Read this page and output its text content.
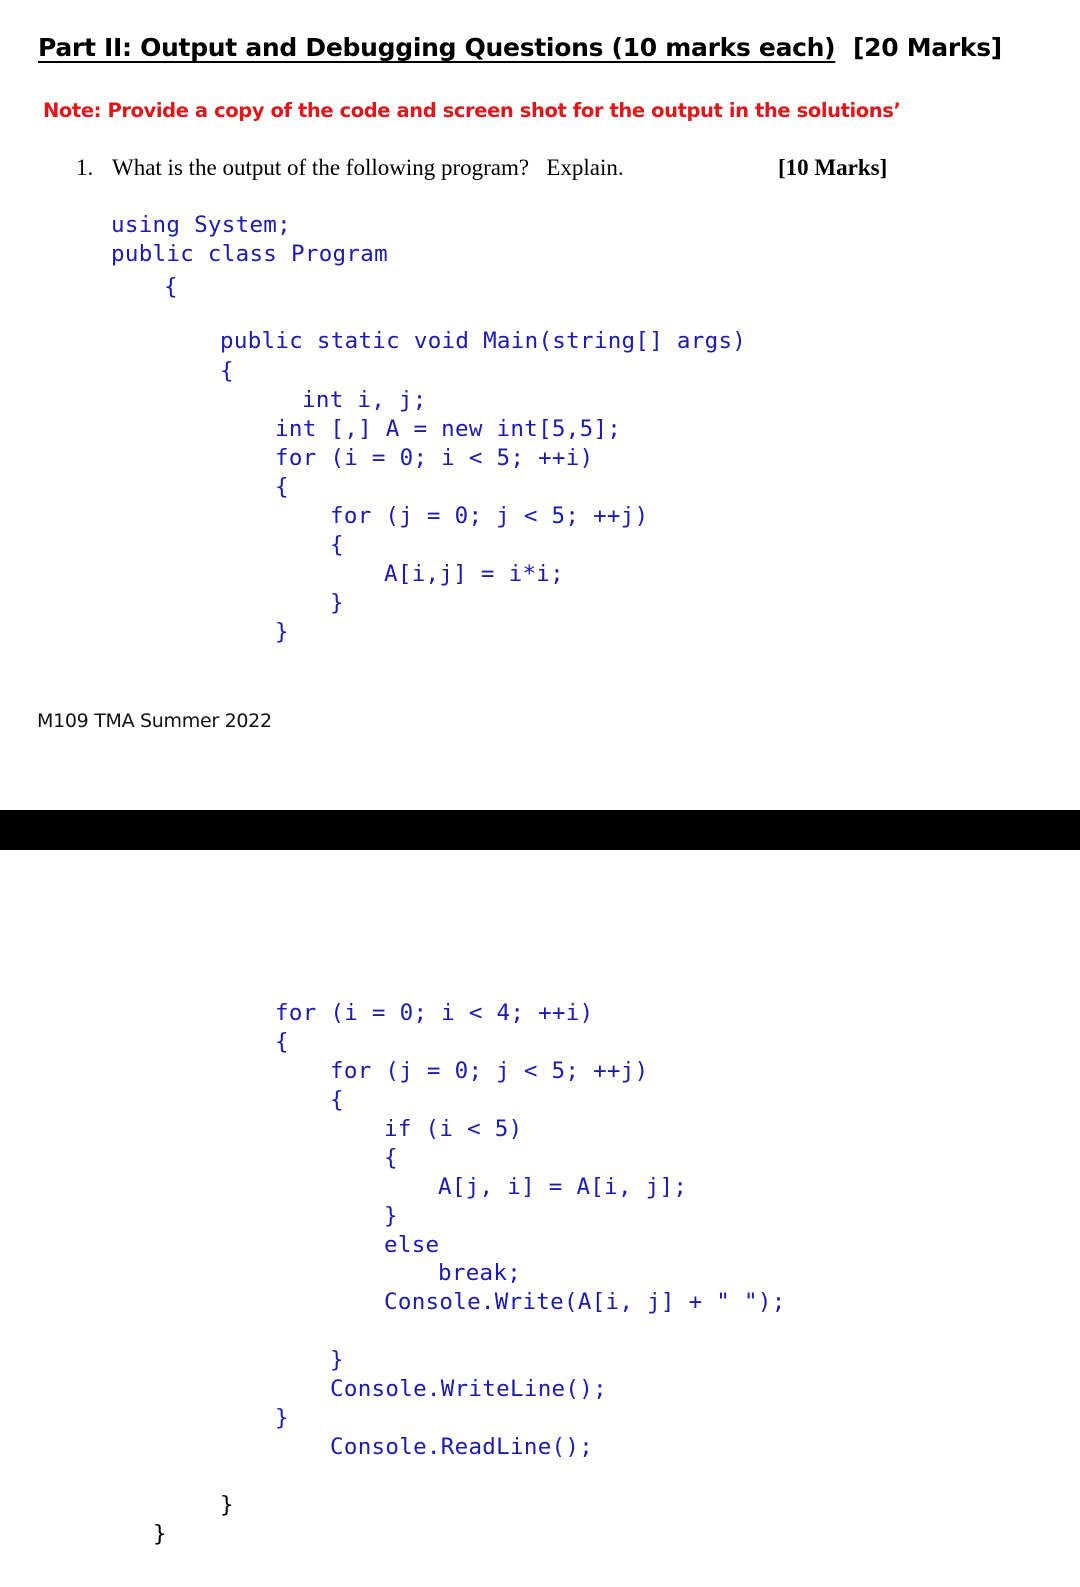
Part II: Output and Debugging Questions (10 marks each) [20 Marks]
Note: Provide a copy of the code and screen shot for the output in the solutions’
1. What is the output of the following program?   Explain.	[10 Marks]
using System;
public class Program
{
public static void Main(string[] args)
{
int i, j;
int [,] A = new int[5,5];
for (i = 0; i < 5; ++i)
{
for (j = 0; j < 5; ++j)
{
A[i,j] = i*i;
}
}
M109 TMA Summer 2022
for (i = 0; i < 4; ++i)
{
for (j = 0; j < 5; ++j)
{
if (i < 5)
{
A[j, i] = A[i, j];
}
else
break;
Console.Write(A[i, j] + " ");
}
Console.WriteLine();
}
Console.ReadLine();
}
}
